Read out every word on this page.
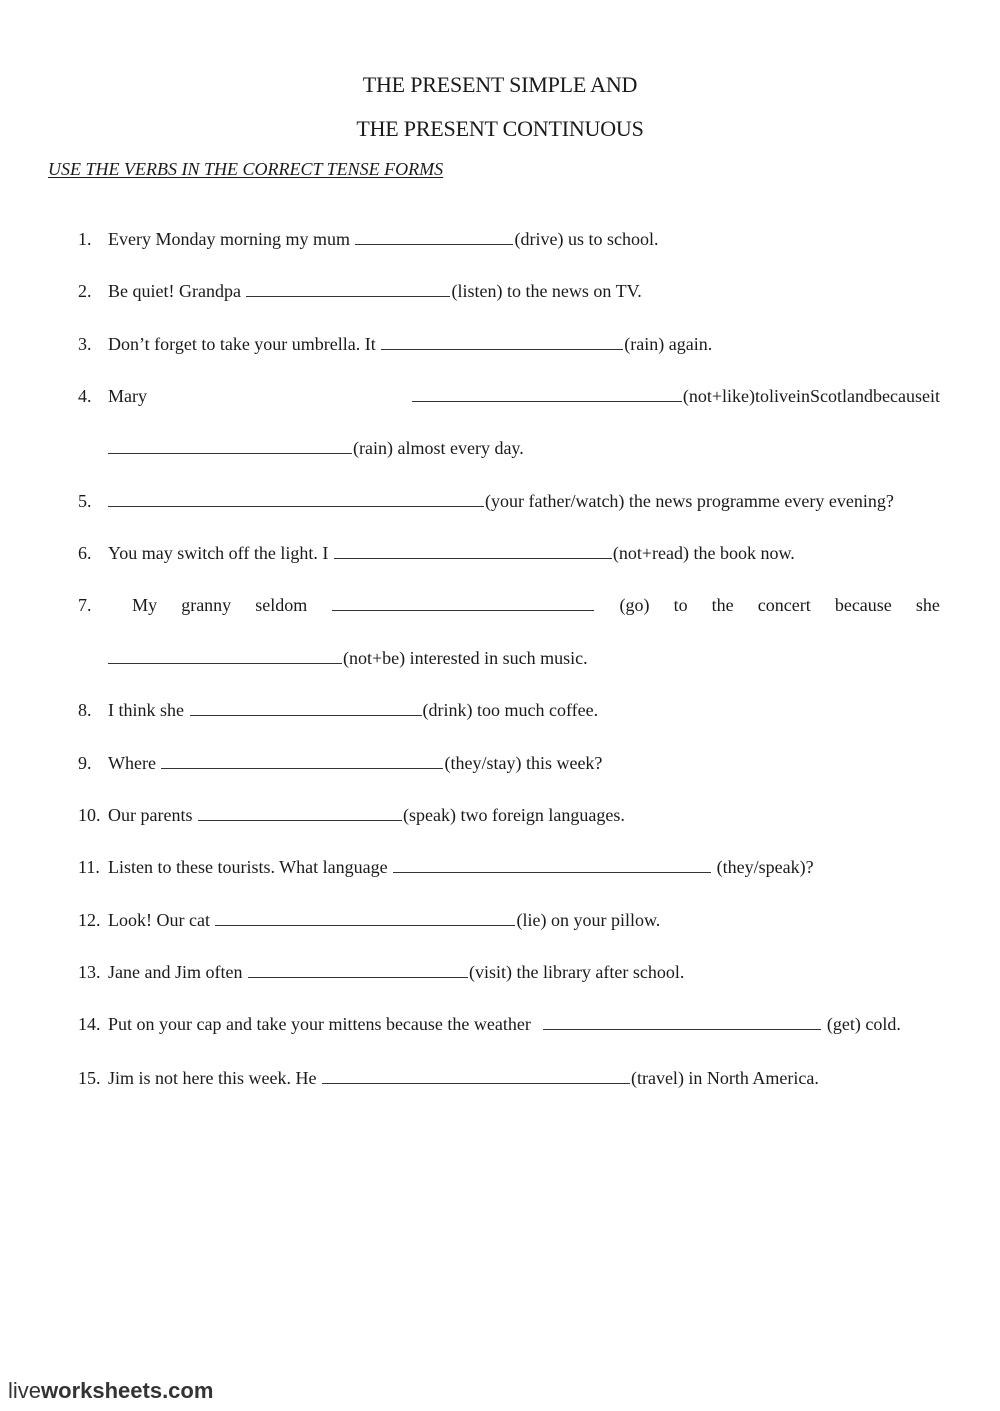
THE PRESENT SIMPLE AND
THE PRESENT CONTINUOUS
USE THE VERBS IN THE CORRECT TENSE FORMS
1. Every Monday morning my mum	(drive) us to school.
2. Be quiet! Grandpa	(listen) to the news on TV.
3. Don’t forget to take your umbrella. It	(rain) again.
4. Mary	(not+like) to live in Scotland because it
(rain) almost every day.
5.	(your father/watch) the news programme every evening?
6. You may switch off the light. I	(not+read) the book now.
7.	My granny seldom	(go) to the concert because she
(not+be) interested in such music.
8. I think she	(drink) too much coffee.
9. Where	(they/stay) this week?
10. Our parents	(speak) two foreign languages.
11. Listen to these tourists. What language	(they/speak)?
12. Look! Our cat	(lie) on your pillow.
13. Jane and Jim often	(visit) the library after school.
14. Put on your cap and take your mittens because the weather	(get) cold.
15. Jim is not here this week. He	(travel) in North America.
liveworksheets.com
